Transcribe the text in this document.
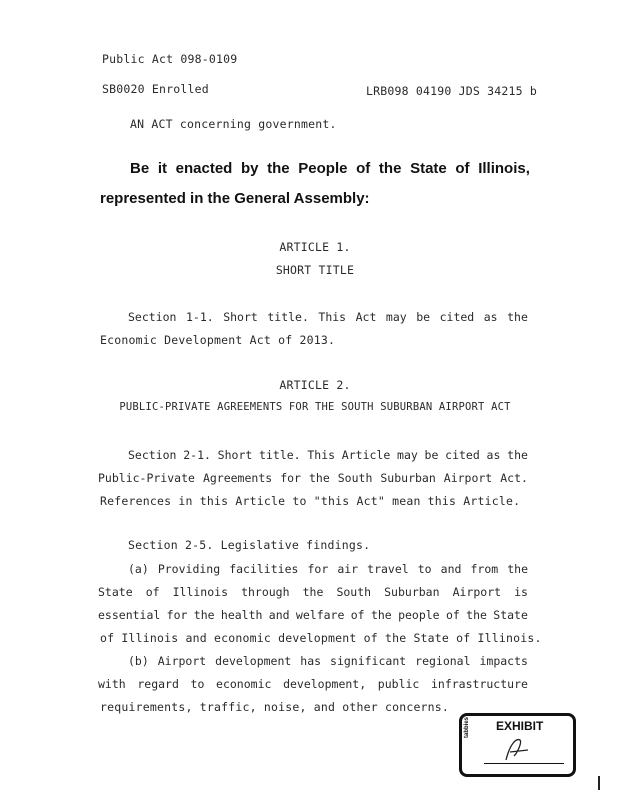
Public Act 098-0109
SB0020 Enrolled	LRB098 04190 JDS 34215 b
AN ACT concerning government.
Be it enacted by the People of the State of Illinois,
represented in the General Assembly:
ARTICLE 1.
SHORT TITLE
Section 1-1. Short title. This Act may be cited as the
Economic Development Act of 2013.
ARTICLE 2.
PUBLIC-PRIVATE AGREEMENTS FOR THE SOUTH SUBURBAN AIRPORT ACT
Section 2-1. Short title. This Article may be cited as the
Public-Private Agreements for the South Suburban Airport Act.
References in this Article to "this Act" mean this Article.
Section 2-5. Legislative findings.
(a) Providing facilities for air travel to and from the
State of Illinois through the South Suburban Airport is
essential for the health and welfare of the people of the State
of Illinois and economic development of the State of Illinois.
(b) Airport development has significant regional impacts
with regard to economic development, public infrastructure
requirements, traffic, noise, and other concerns.
EXHIBIT
tabbies
